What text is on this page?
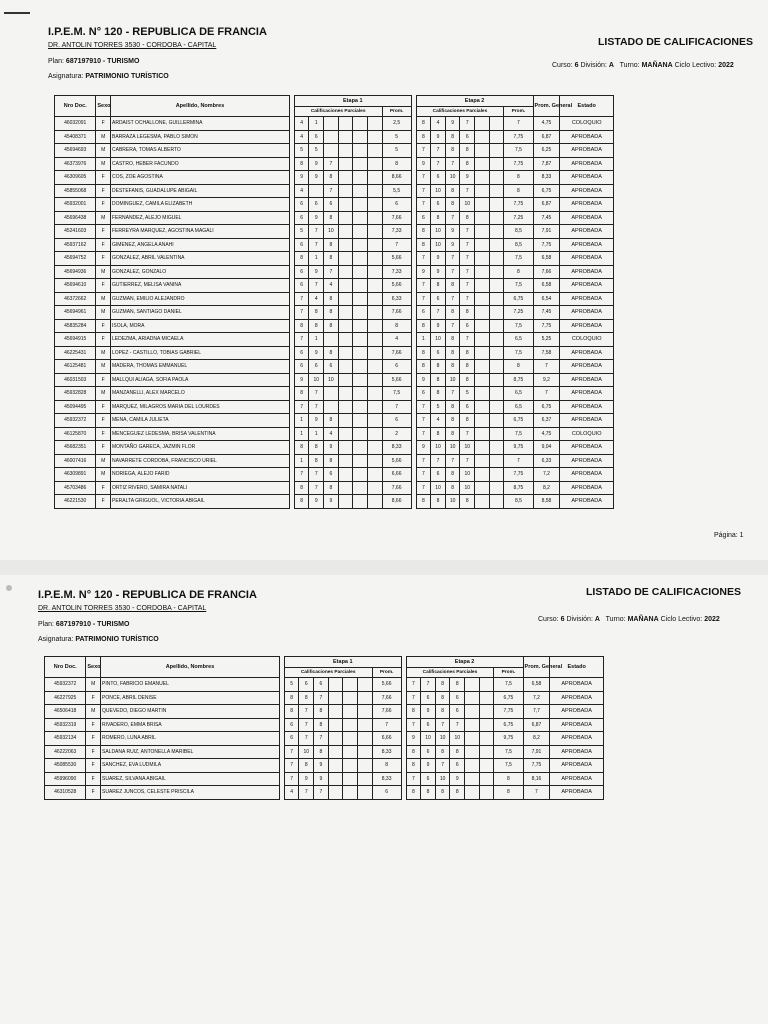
I.P.E.M. N° 120 - REPUBLICA DE FRANCIA
DR. ANTOLIN TORRES 3530 - CORDOBA - CAPITAL
Plan: 687197910 - TURISMO
Asignatura: PATRIMONIO TURÍSTICO
LISTADO DE CALIFICACIONES
Curso: 6 División: A Turno: MAÑANA Ciclo Lectivo: 2022
Nro Doc.	Sexo	Apellido, Nombres		Etapa 1								Etapa 2							Prom. General	Estado
				Calificaciones Parciales						Prom.		Calificaciones Parciales						Prom.		
46032091	F	ARDAIST OCHALLONE, GUILLERMINA		4	1					2,5		8	4	9	7			7	4,75	COLOQUIO
45408371	M	BARRAZA LEGESMA, PABLO SIMON		4	6					5		8	9	8	6			7,75	6,87	APROBADA
45694693	M	CABRERA, TOMAS ALBERTO		5	5					5		7	7	8	8			7,5	6,25	APROBADA
46373976	M	CASTRO, HEBER FACUNDO		8	9	7				8		9	7	7	8			7,75	7,87	APROBADA
46309605	F	COS, ZOE AGOSTINA		9	9	8				8,66		7	6	10	9			8	8,33	APROBADA
45855068	F	DESTEFANIS, GUADALUPE ABIGAIL		4		7				5,5		7	10	8	7			8	6,75	APROBADA
45932001	F	DOMINGUEZ, CAMILA ELIZABETH		6	6	6				6		7	6	8	10			7,75	6,87	APROBADA
45696438	M	FERNANDEZ, ALEJO MIGUEL		6	9	8				7,66		6	8	7	8			7,25	7,45	APROBADA
45241603	F	FERREYRA MARQUEZ, AGOSTINA MAGALI		5	7	10				7,33		8	10	9	7			8,5	7,91	APROBADA
45937162	F	GIMENEZ, ANGELA ANAHI		6	7	8				7		8	10	9	7			8,5	7,75	APROBADA
45694752	F	GONZALEZ, ABRIL VALENTINA		8	1	8				5,66		7	9	7	7			7,5	6,58	APROBADA
45694936	M	GONZALEZ, GONZALO		6	9	7				7,33		9	9	7	7			8	7,66	APROBADA
45694610	F	GUTIERREZ, MELISA VANINA		6	7	4				5,66		7	8	8	7			7,5	6,58	APROBADA
46372662	M	GUZMAN, EMILIO ALEJANDRO		7	4	8				6,33		7	6	7	7			6,75	6,54	APROBADA
45694961	M	GUZMAN, SANTIAGO DANIEL		7	8	8				7,66		6	7	8	8			7,25	7,45	APROBADA
45835284	F	ISOLA, MORA		8	8	8				8		8	9	7	6			7,5	7,75	APROBADA
45694915	F	LEDEZMA, ARIADNA MICAELA		7	1					4		1	10	8	7			6,5	5,25	COLOQUIO
46225431	M	LOPEZ - CASTILLO, TOBIAS GABRIEL		6	9	8				7,66		8	6	8	8			7,5	7,58	APROBADA
46125481	M	MADERA, THOMAS EMMANUEL		6	6	6				6		8	8	8	8			8	7	APROBADA
46031503	F	MALLQUI ALIAGA, SOFIA PAOLA		9	10	10				5,66		9	8	10	8			8,75	9,2	APROBADA
45932828	M	MANZANELLI, ALEX MARCELO		8	7					7,5		6	8	7	5			6,5	7	APROBADA
45094495	F	MARQUEZ, MILAGROS MARIA DEL LOURDES		7	7					7		7	5	8	6			6,5	6,75	APROBADA
45932372	F	MENA, CAMILA JULIETA		1	9	8				6		7	4	8	8			6,75	6,37	APROBADA
46125870	F	MENCEGUEZ LEDESMA, BRISA VALENTINA		1	1	4				2		7	8	8	7			7,5	4,75	COLOQUIO
45682351	F	MONTAÑO GARECA, JAZMIN FLOR		8	8	9				8,33		9	10	10	10			9,75	9,04	APROBADA
46007416	M	NAVARRETE CORDOBA, FRANCISCO URIEL		1	8	8				5,66		7	7	7	7			7	6,33	APROBADA
46309891	M	NORIEGA, ALEJO FARID		7	7	6				6,66		7	6	8	10			7,75	7,2	APROBADA
45703486	F	ORTIZ RIVERO, SAMIRA NATALI		8	7	8				7,66		7	10	8	10			8,75	8,2	APROBADA
46221530	F	PERALTA GRIGUOL, VICTORIA ABIGAIL		8	9	9				8,66		8	8	10	8			8,5	8,58	APROBADA
Página: 1
I.P.E.M. N° 120 - REPUBLICA DE FRANCIA
DR. ANTOLIN TORRES 3530 - CORDOBA - CAPITAL
Plan: 687197910 - TURISMO
Asignatura: PATRIMONIO TURÍSTICO
LISTADO DE CALIFICACIONES
Curso: 6 División: A Turno: MAÑANA Ciclo Lectivo: 2022
Nro Doc.	Sexo	Apellido, Nombres		Etapa 1								Etapa 2							Prom. General	Estado
				Calificaciones Parciales						Prom.		Calificaciones Parciales						Prom.		
45932372	M	PINTO, FABRICIO EMANUEL		5	6	6				5,66		7	7	8	8			7,5	6,58	APROBADA
46227925	F	PONCE, ABRIL DENISE		8	8	7				7,66		7	6	8	6			6,75	7,2	APROBADA
46506418	M	QUEVEDO, DIEGO MARTIN		8	7	8				7,66		8	9	8	6			7,75	7,7	APROBADA
45932319	F	RIVADERO, EMMA BRISA		6	7	8				7		7	6	7	7			6,75	6,87	APROBADA
45932134	F	ROMERO, LUNA ABRIL		6	7	7				6,66		9	10	10	10			9,75	8,2	APROBADA
46222063	F	SALDANA RUIZ, ANTONELLA MARIBEL		7	10	8				8,33		8	6	8	8			7,5	7,91	APROBADA
45085530	F	SANCHEZ, EVA LUDMILA		7	8	9				8		8	9	7	6			7,5	7,75	APROBADA
45996090	F	SUAREZ, SILVANA ABIGAIL		7	9	9				8,33		7	6	10	9			8	8,16	APROBADA
46310528	F	SUAREZ JUNCOS, CELESTE PRISCILA		4	7	7				6		8	8	8	8			8	7	APROBADA
